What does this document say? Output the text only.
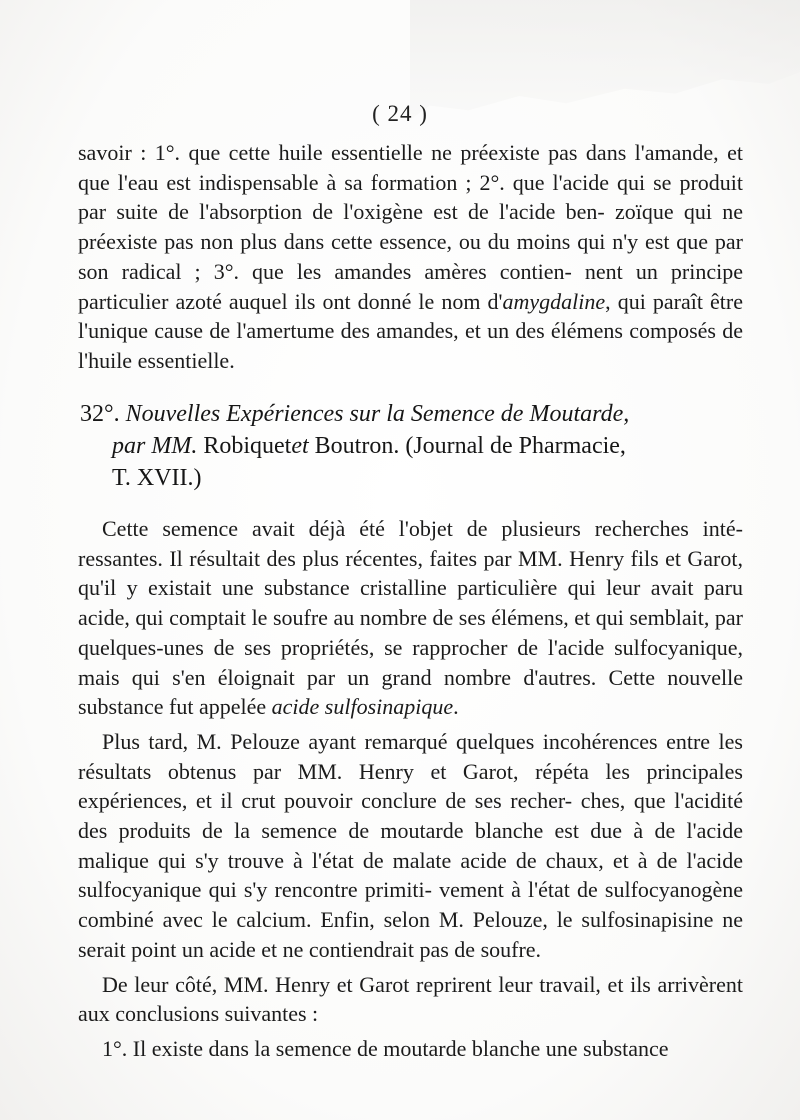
( 24 )

savoir : 1°. que cette huile essentielle ne préexiste pas dans l'amande, et que l'eau est indispensable à sa formation ; 2°. que l'acide qui se produit par suite de l'absorption de l'oxigène est de l'acide ben- zoïque qui ne préexiste pas non plus dans cette essence, ou du moins qui n'y est que par son radical ; 3°. que les amandes amères contien- nent un principe particulier azoté auquel ils ont donné le nom d'amygdaline, qui paraît être l'unique cause de l'amertume des amandes, et un des élémens composés de l'huile essentielle.

32°. Nouvelles Expériences sur la Semence de Moutarde,
par MM. Robiquetet Boutron. (Journal de Pharmacie,
T. XVII.)

Cette semence avait déjà été l'objet de plusieurs recherches inté- ressantes. Il résultait des plus récentes, faites par MM. Henry fils et Garot, qu'il y existait une substance cristalline particulière qui leur avait paru acide, qui comptait le soufre au nombre de ses élémens, et qui semblait, par quelques-unes de ses propriétés, se rapprocher de l'acide sulfocyanique, mais qui s'en éloignait par un grand nombre d'autres. Cette nouvelle substance fut appelée acide sulfosinapique.

Plus tard, M. Pelouze ayant remarqué quelques incohérences entre les résultats obtenus par MM. Henry et Garot, répéta les principales expériences, et il crut pouvoir conclure de ses recher- ches, que l'acidité des produits de la semence de moutarde blanche est due à de l'acide malique qui s'y trouve à l'état de malate acide de chaux, et à de l'acide sulfocyanique qui s'y rencontre primiti- vement à l'état de sulfocyanogène combiné avec le calcium. Enfin, selon M. Pelouze, le sulfosinapisine ne serait point un acide et ne contiendrait pas de soufre.

De leur côté, MM. Henry et Garot reprirent leur travail, et ils arrivèrent aux conclusions suivantes :

1°. Il existe dans la semence de moutarde blanche une substance
